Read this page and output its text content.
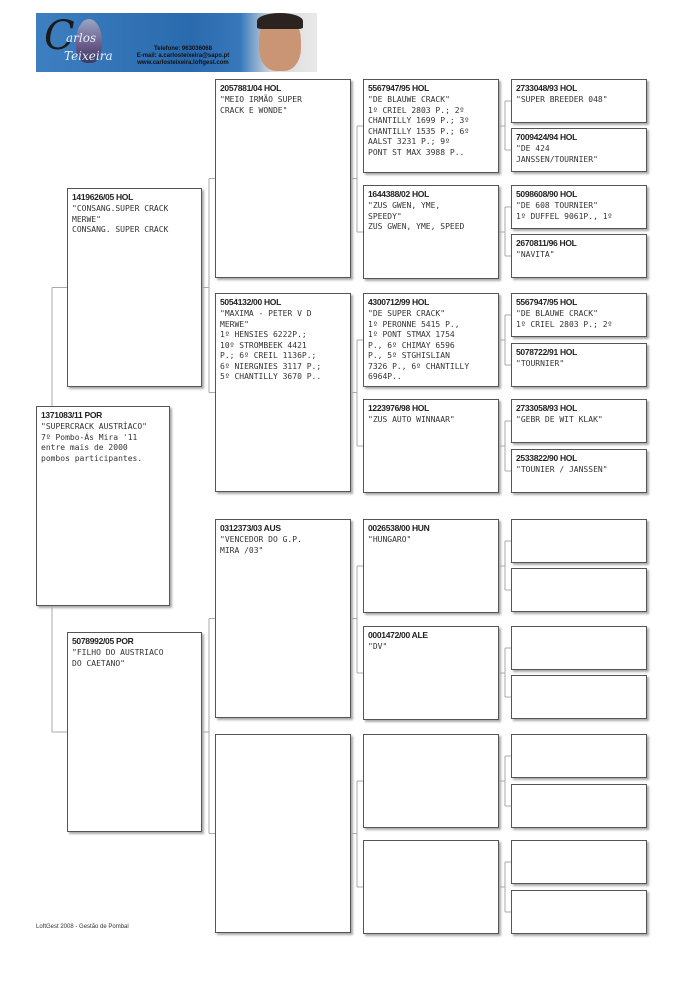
C
arlos
Teixeira	Telefone: 963036068
E-mail: a.carlosteixeira@sapo.pt
www.carlosteixeira.loftgest.com
1371083/11 POR
"SUPERCRACK AUSTRÍACO"
7º Pombo-Ás Mira '11
entre mais de 2000
pombos participantes.
1419626/05 HOL
"CONSANG.SUPER CRACK
MERWE"
CONSANG. SUPER CRACK
5078992/05 POR
"FILHO DO AUSTRIACO
DO CAETANO"
2057881/04 HOL
"MEIO IRMÃO SUPER
CRACK E WONDE"
5054132/00 HOL
"MAXIMA - PETER V D
MERWE"
1º HENSIES 6222P.;
10º STROMBEEK 4421
P.; 6º CREIL 1136P.;
6º NIERGNIES 3117 P.;
5º CHANTILLY 3670 P..
0312373/03 AUS
"VENCEDOR DO G.P.
MIRA /03"
5567947/95 HOL
"DE BLAUWE CRACK"
1º CRIEL 2803 P.; 2º
CHANTILLY 1699 P.; 3º
CHANTILLY 1535 P.; 6º
AALST 3231 P.; 9º
PONT ST MAX 3988 P..
1644388/02 HOL
"ZUS GWEN, YME,
SPEEDY"
ZUS GWEN, YME, SPEED
4300712/99 HOL
"DE SUPER CRACK"
1º PERONNE 5415 P.,
1º PONT STMAX 1754
P., 6º CHIMAY 6596
P., 5º STGHISLIAN
7326 P., 6º CHANTILLY
6964P..
1223976/98 HOL
"ZUS AUTO WINNAAR"
0026538/00 HUN
"HUNGARO"
0001472/00 ALE
"DV"
2733048/93 HOL
"SUPER BREEDER 048"
7009424/94 HOL
"DE 424
JANSSEN/TOURNIER"
5098608/90 HOL
"DE 608 TOURNIER"
1º DUFFEL 9061P., 1º
2670811/96 HOL
"NAVITA"
5567947/95 HOL
"DE BLAUWE CRACK"
1º CRIEL 2803 P.; 2º
5078722/91 HOL
"TOURNIER"
2733058/93 HOL
"GEBR DE WIT KLAK"
2533822/90 HOL
"TOUNIER / JANSSEN"
LoftGest 2008 - Gestão de Pombal
